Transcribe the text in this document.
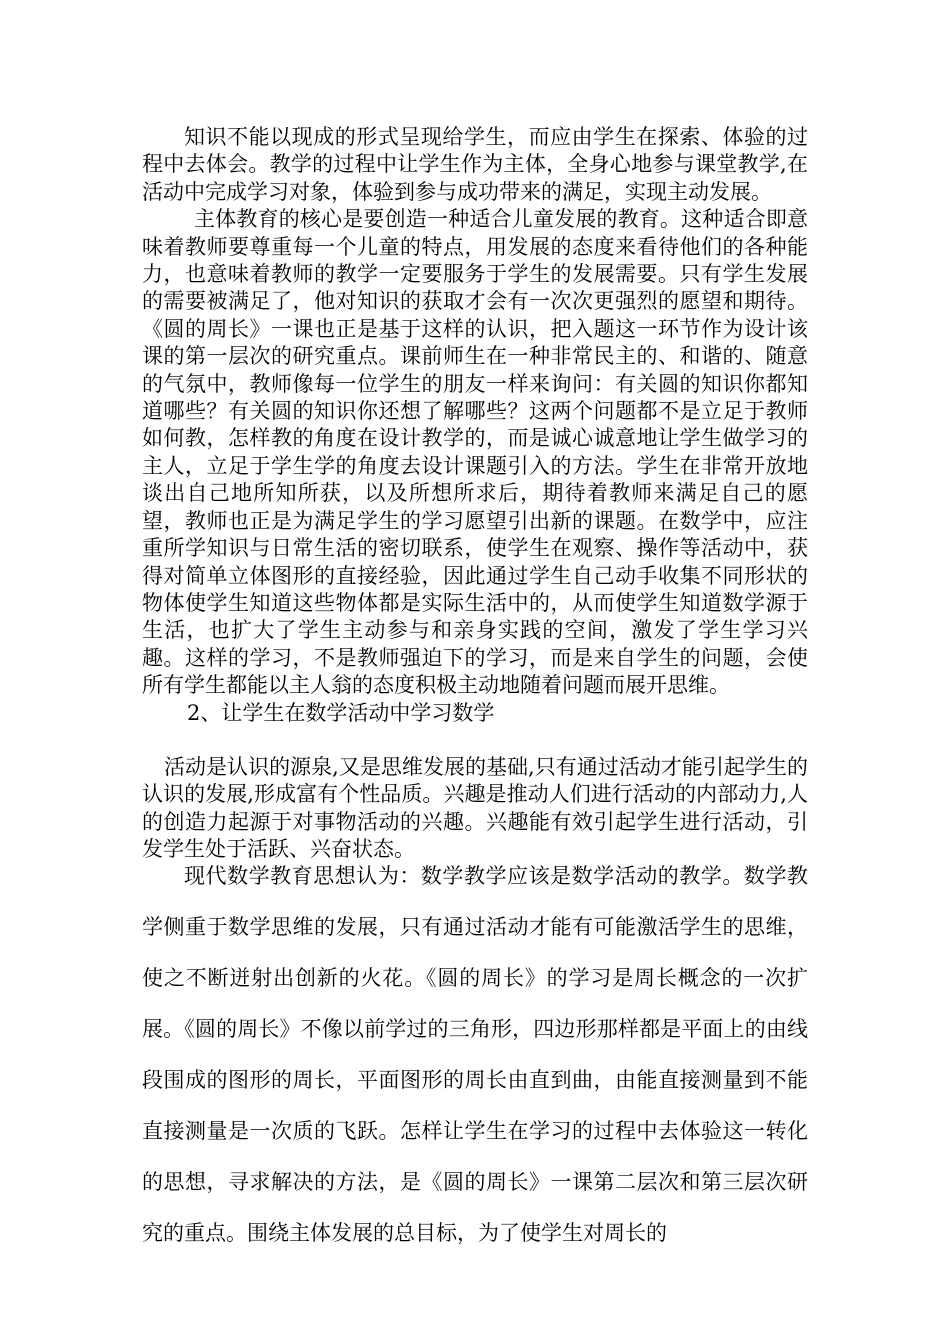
知识不能以现成的形式呈现给学生，而应由学生在探索、体验的过程中去体会。教学的过程中让学生作为主体，全身心地参与课堂教学,在活动中完成学习对象，体验到参与成功带来的满足，实现主动发展。

主体教育的核心是要创造一种适合儿童发展的教育。这种适合即意味着教师要尊重每一个儿童的特点，用发展的态度来看待他们的各种能力，也意味着教师的教学一定要服务于学生的发展需要。只有学生发展的需要被满足了，他对知识的获取才会有一次次更强烈的愿望和期待。《圆的周长》一课也正是基于这样的认识，把入题这一环节作为设计该课的第一层次的研究重点。课前师生在一种非常民主的、和谐的、随意的气氛中，教师像每一位学生的朋友一样来询问：有关圆的知识你都知道哪些？有关圆的知识你还想了解哪些？这两个问题都不是立足于教师如何教，怎样教的角度在设计教学的，而是诚心诚意地让学生做学习的主人，立足于学生学的角度去设计课题引入的方法。学生在非常开放地谈出自己地所知所获，以及所想所求后，期待着教师来满足自己的愿望，教师也正是为满足学生的学习愿望引出新的课题。在数学中，应注重所学知识与日常生活的密切联系，使学生在观察、操作等活动中，获得对简单立体图形的直接经验，因此通过学生自己动手收集不同形状的物体使学生知道这些物体都是实际生活中的，从而使学生知道数学源于生活，也扩大了学生主动参与和亲身实践的空间，激发了学生学习兴趣。这样的学习，不是教师强迫下的学习，而是来自学生的问题，会使所有学生都能以主人翁的态度积极主动地随着问题而展开思维。

2、让学生在数学活动中学习数学

活动是认识的源泉,又是思维发展的基础,只有通过活动才能引起学生的认识的发展,形成富有个性品质。兴趣是推动人们进行活动的内部动力,人的创造力起源于对事物活动的兴趣。兴趣能有效引起学生进行活动，引发学生处于活跃、兴奋状态。

现代数学教育思想认为：数学教学应该是数学活动的教学。数学教学侧重于数学思维的发展，只有通过活动才能有可能激活学生的思维，使之不断迸射出创新的火花。《圆的周长》的学习是周长概念的一次扩展。《圆的周长》不像以前学过的三角形，四边形那样都是平面上的由线段围成的图形的周长，平面图形的周长由直到曲，由能直接测量到不能直接测量是一次质的飞跃。怎样让学生在学习的过程中去体验这一转化的思想，寻求解决的方法，是《圆的周长》一课第二层次和第三层次研究的重点。围绕主体发展的总目标，为了使学生对周长的
